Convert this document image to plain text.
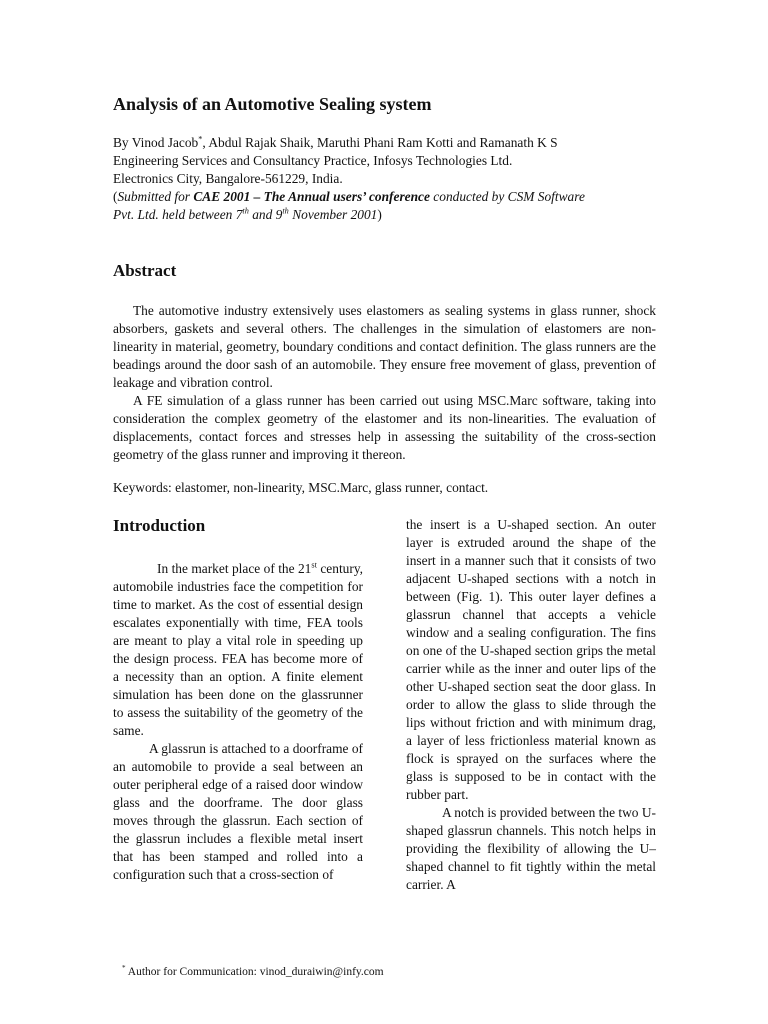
Analysis of an Automotive Sealing system
By Vinod Jacob*, Abdul Rajak Shaik, Maruthi Phani Ram Kotti and Ramanath K S
Engineering Services and Consultancy Practice, Infosys Technologies Ltd.
Electronics City, Bangalore-561229, India.
(Submitted for CAE 2001 – The Annual users’ conference conducted by CSM Software
Pvt. Ltd. held between 7th and 9th November 2001)
Abstract

The automotive industry extensively uses elastomers as sealing systems in glass runner, shock absorbers, gaskets and several others. The challenges in the simulation of elastomers are non-linearity in material, geometry, boundary conditions and contact definition. The glass runners are the beadings around the door sash of an automobile. They ensure free movement of glass, prevention of leakage and vibration control.

A FE simulation of a glass runner has been carried out using MSC.Marc software, taking into consideration the complex geometry of the elastomer and its non-linearities. The evaluation of displacements, contact forces and stresses help in assessing the suitability of the cross-section geometry of the glass runner and improving it thereon.

Keywords: elastomer, non-linearity, MSC.Marc, glass runner, contact.
Introduction

In the market place of the 21st century, automobile industries face the competition for time to market. As the cost of essential design escalates exponentially with time, FEA tools are meant to play a vital role in speeding up the design process. FEA has become more of a necessity than an option. A finite element simulation has been done on the glassrunner to assess the suitability of the geometry of the same.

A glassrun is attached to a doorframe of an automobile to provide a seal between an outer peripheral edge of a raised door window glass and the doorframe. The door glass moves through the glassrun. Each section of the glassrun includes a flexible metal insert that has been stamped and rolled into a configuration such that a cross-section of

the insert is a U-shaped section. An outer layer is extruded around the shape of the insert in a manner such that it consists of two adjacent U-shaped sections with a notch in between (Fig. 1). This outer layer defines a glassrun channel that accepts a vehicle window and a sealing configuration. The fins on one of the U-shaped section grips the metal carrier while as the inner and outer lips of the other U-shaped section seat the door glass. In order to allow the glass to slide through the lips without friction and with minimum drag, a layer of less frictionless material known as flock is sprayed on the surfaces where the glass is supposed to be in contact with the rubber part.

A notch is provided between the two U-shaped glassrun channels. This notch helps in providing the flexibility of allowing the U–shaped channel to fit tightly within the metal carrier. A

* Author for Communication: vinod_duraiwin@infy.com
